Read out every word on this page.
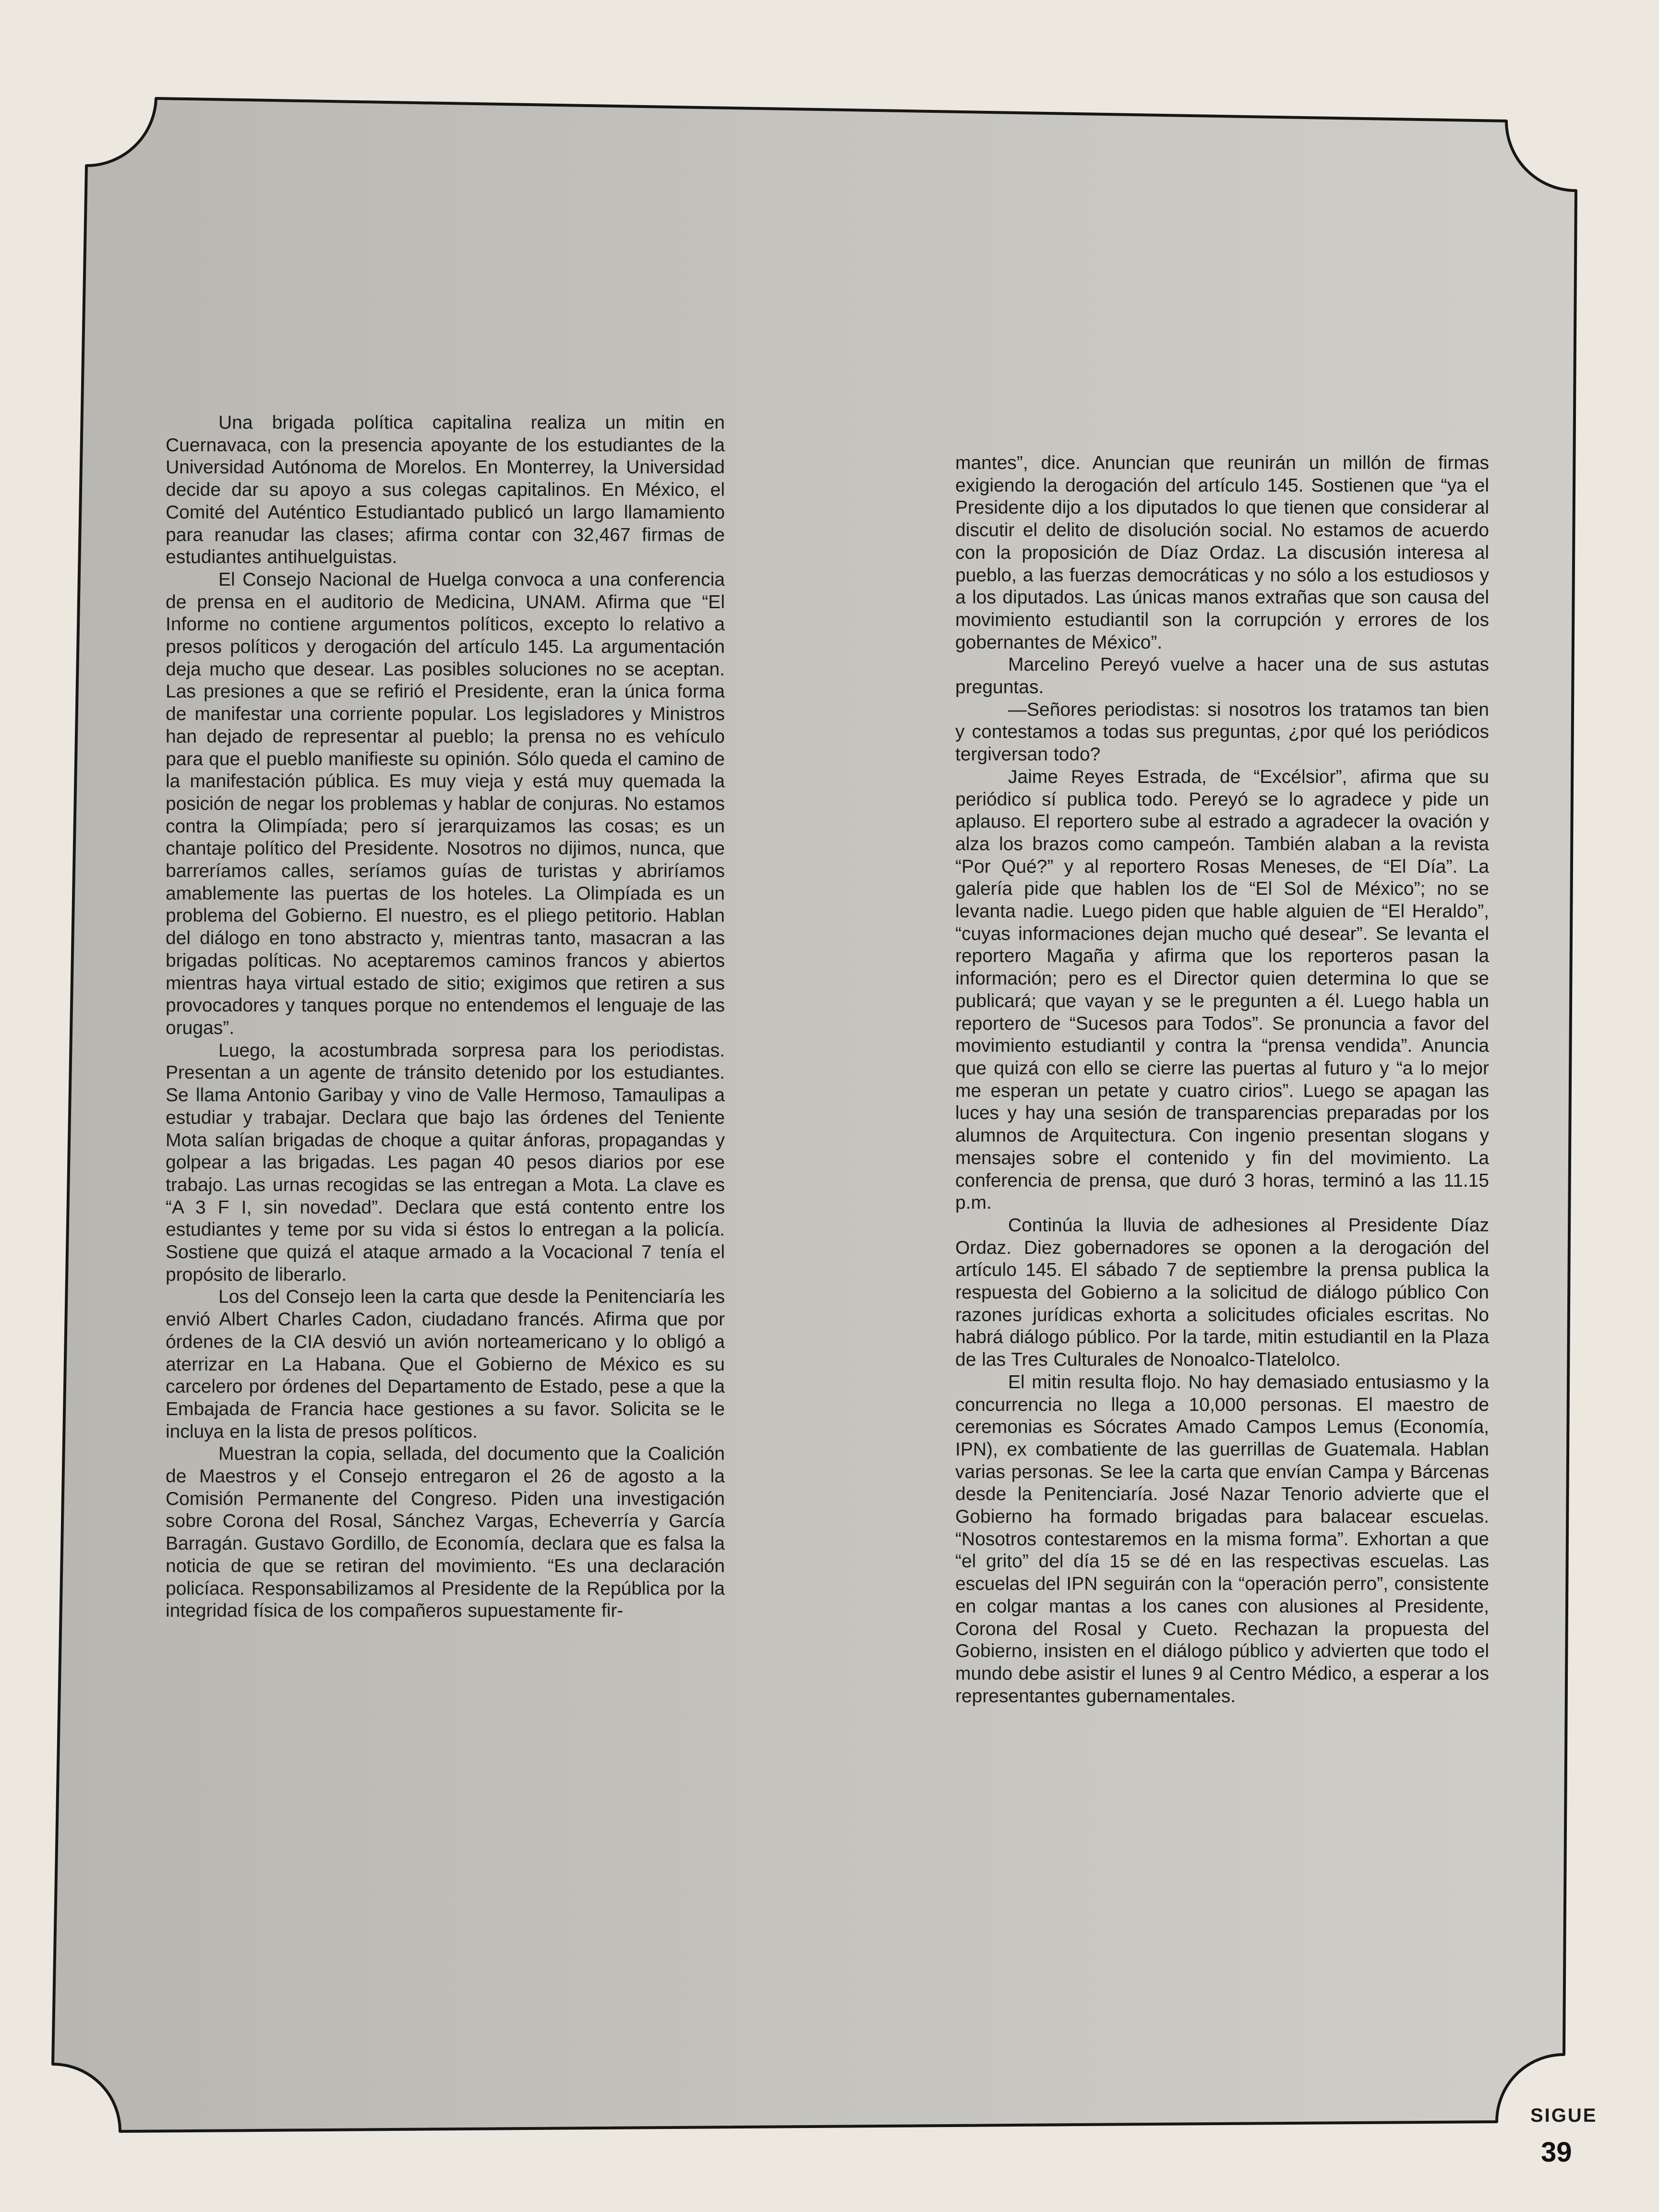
Una brigada política capitalina realiza un mitin en Cuernavaca, con la presencia apoyante de los estudiantes de la Universidad Autónoma de Morelos. En Monterrey, la Universidad decide dar su apoyo a sus colegas capitalinos. En México, el Comité del Auténtico Estudiantado publicó un largo llamamiento para reanudar las clases; afirma contar con 32,467 firmas de estudiantes antihuelguistas.

El Consejo Nacional de Huelga convoca a una conferencia de prensa en el auditorio de Medicina, UNAM. Afirma que “El Informe no contiene argumentos políticos, excepto lo relativo a presos políticos y derogación del artículo 145. La argumentación deja mucho que desear. Las posibles soluciones no se aceptan. Las presiones a que se refirió el Presidente, eran la única forma de manifestar una corriente popular. Los legisladores y Ministros han dejado de representar al pueblo; la prensa no es vehículo para que el pueblo manifieste su opinión. Sólo queda el camino de la manifestación pública. Es muy vieja y está muy quemada la posición de negar los problemas y hablar de conjuras. No estamos contra la Olimpíada; pero sí jerarquizamos las cosas; es un chantaje político del Presidente. Nosotros no dijimos, nunca, que barreríamos calles, seríamos guías de turistas y abriríamos amablemente las puertas de los hoteles. La Olimpíada es un problema del Gobierno. El nuestro, es el pliego petitorio. Hablan del diálogo en tono abstracto y, mientras tanto, masacran a las brigadas políticas. No aceptaremos caminos francos y abiertos mientras haya virtual estado de sitio; exigimos que retiren a sus provocadores y tanques porque no entendemos el lenguaje de las orugas”.

Luego, la acostumbrada sorpresa para los periodistas. Presentan a un agente de tránsito detenido por los estudiantes. Se llama Antonio Garibay y vino de Valle Hermoso, Tamaulipas a estudiar y trabajar. Declara que bajo las órdenes del Teniente Mota salían brigadas de choque a quitar ánforas, propagandas y golpear a las brigadas. Les pagan 40 pesos diarios por ese trabajo. Las urnas recogidas se las entregan a Mota. La clave es “A 3 F I, sin novedad”. Declara que está contento entre los estudiantes y teme por su vida si éstos lo entregan a la policía. Sostiene que quizá el ataque armado a la Vocacional 7 tenía el propósito de liberarlo.

Los del Consejo leen la carta que desde la Penitenciaría les envió Albert Charles Cadon, ciudadano francés. Afirma que por órdenes de la CIA desvió un avión norteamericano y lo obligó a aterrizar en La Habana. Que el Gobierno de México es su carcelero por órdenes del Departamento de Estado, pese a que la Embajada de Francia hace gestiones a su favor. Solicita se le incluya en la lista de presos políticos.

Muestran la copia, sellada, del documento que la Coalición de Maestros y el Consejo entregaron el 26 de agosto a la Comisión Permanente del Congreso. Piden una investigación sobre Corona del Rosal, Sánchez Vargas, Echeverría y García Barragán. Gustavo Gordillo, de Economía, declara que es falsa la noticia de que se retiran del movimiento. “Es una declaración policíaca. Responsabilizamos al Presidente de la República por la integridad física de los compañeros supuestamente fir-

mantes”, dice. Anuncian que reunirán un millón de firmas exigiendo la derogación del artículo 145. Sostienen que “ya el Presidente dijo a los diputados lo que tienen que considerar al discutir el delito de disolución social. No estamos de acuerdo con la proposición de Díaz Ordaz. La discusión interesa al pueblo, a las fuerzas democráticas y no sólo a los estudiosos y a los diputados. Las únicas manos extrañas que son causa del movimiento estudiantil son la corrupción y errores de los gobernantes de México”.

Marcelino Pereyó vuelve a hacer una de sus astutas preguntas.

—Señores periodistas: si nosotros los tratamos tan bien y contestamos a todas sus preguntas, ¿por qué los periódicos tergiversan todo?

Jaime Reyes Estrada, de “Excélsior”, afirma que su periódico sí publica todo. Pereyó se lo agradece y pide un aplauso. El reportero sube al estrado a agradecer la ovación y alza los brazos como campeón. También alaban a la revista “Por Qué?” y al reportero Rosas Meneses, de “El Día”. La galería pide que hablen los de “El Sol de México”; no se levanta nadie. Luego piden que hable alguien de “El Heraldo”, “cuyas informaciones dejan mucho qué desear”. Se levanta el reportero Magaña y afirma que los reporteros pasan la información; pero es el Director quien determina lo que se publicará; que vayan y se le pregunten a él. Luego habla un reportero de “Sucesos para Todos”. Se pronuncia a favor del movimiento estudiantil y contra la “prensa vendida”. Anuncia que quizá con ello se cierre las puertas al futuro y “a lo mejor me esperan un petate y cuatro cirios”. Luego se apagan las luces y hay una sesión de transparencias preparadas por los alumnos de Arquitectura. Con ingenio presentan slogans y mensajes sobre el contenido y fin del movimiento. La conferencia de prensa, que duró 3 horas, terminó a las 11.15 p.m.

Continúa la lluvia de adhesiones al Presidente Díaz Ordaz. Diez gobernadores se oponen a la derogación del artículo 145. El sábado 7 de septiembre la prensa publica la respuesta del Gobierno a la solicitud de diálogo público Con razones jurídicas exhorta a solicitudes oficiales escritas. No habrá diálogo público. Por la tarde, mitin estudiantil en la Plaza de las Tres Culturales de Nonoalco-Tlatelolco.

El mitin resulta flojo. No hay demasiado entusiasmo y la concurrencia no llega a 10,000 personas. El maestro de ceremonias es Sócrates Amado Campos Lemus (Economía, IPN), ex combatiente de las guerrillas de Guatemala. Hablan varias personas. Se lee la carta que envían Campa y Bárcenas desde la Penitenciaría. José Nazar Tenorio advierte que el Gobierno ha formado brigadas para balacear escuelas. “Nosotros contestaremos en la misma forma”. Exhortan a que “el grito” del día 15 se dé en las respectivas escuelas. Las escuelas del IPN seguirán con la “operación perro”, consistente en colgar mantas a los canes con alusiones al Presidente, Corona del Rosal y Cueto. Rechazan la propuesta del Gobierno, insisten en el diálogo público y advierten que todo el mundo debe asistir el lunes 9 al Centro Médico, a esperar a los representantes gubernamentales.

SIGUE
39
